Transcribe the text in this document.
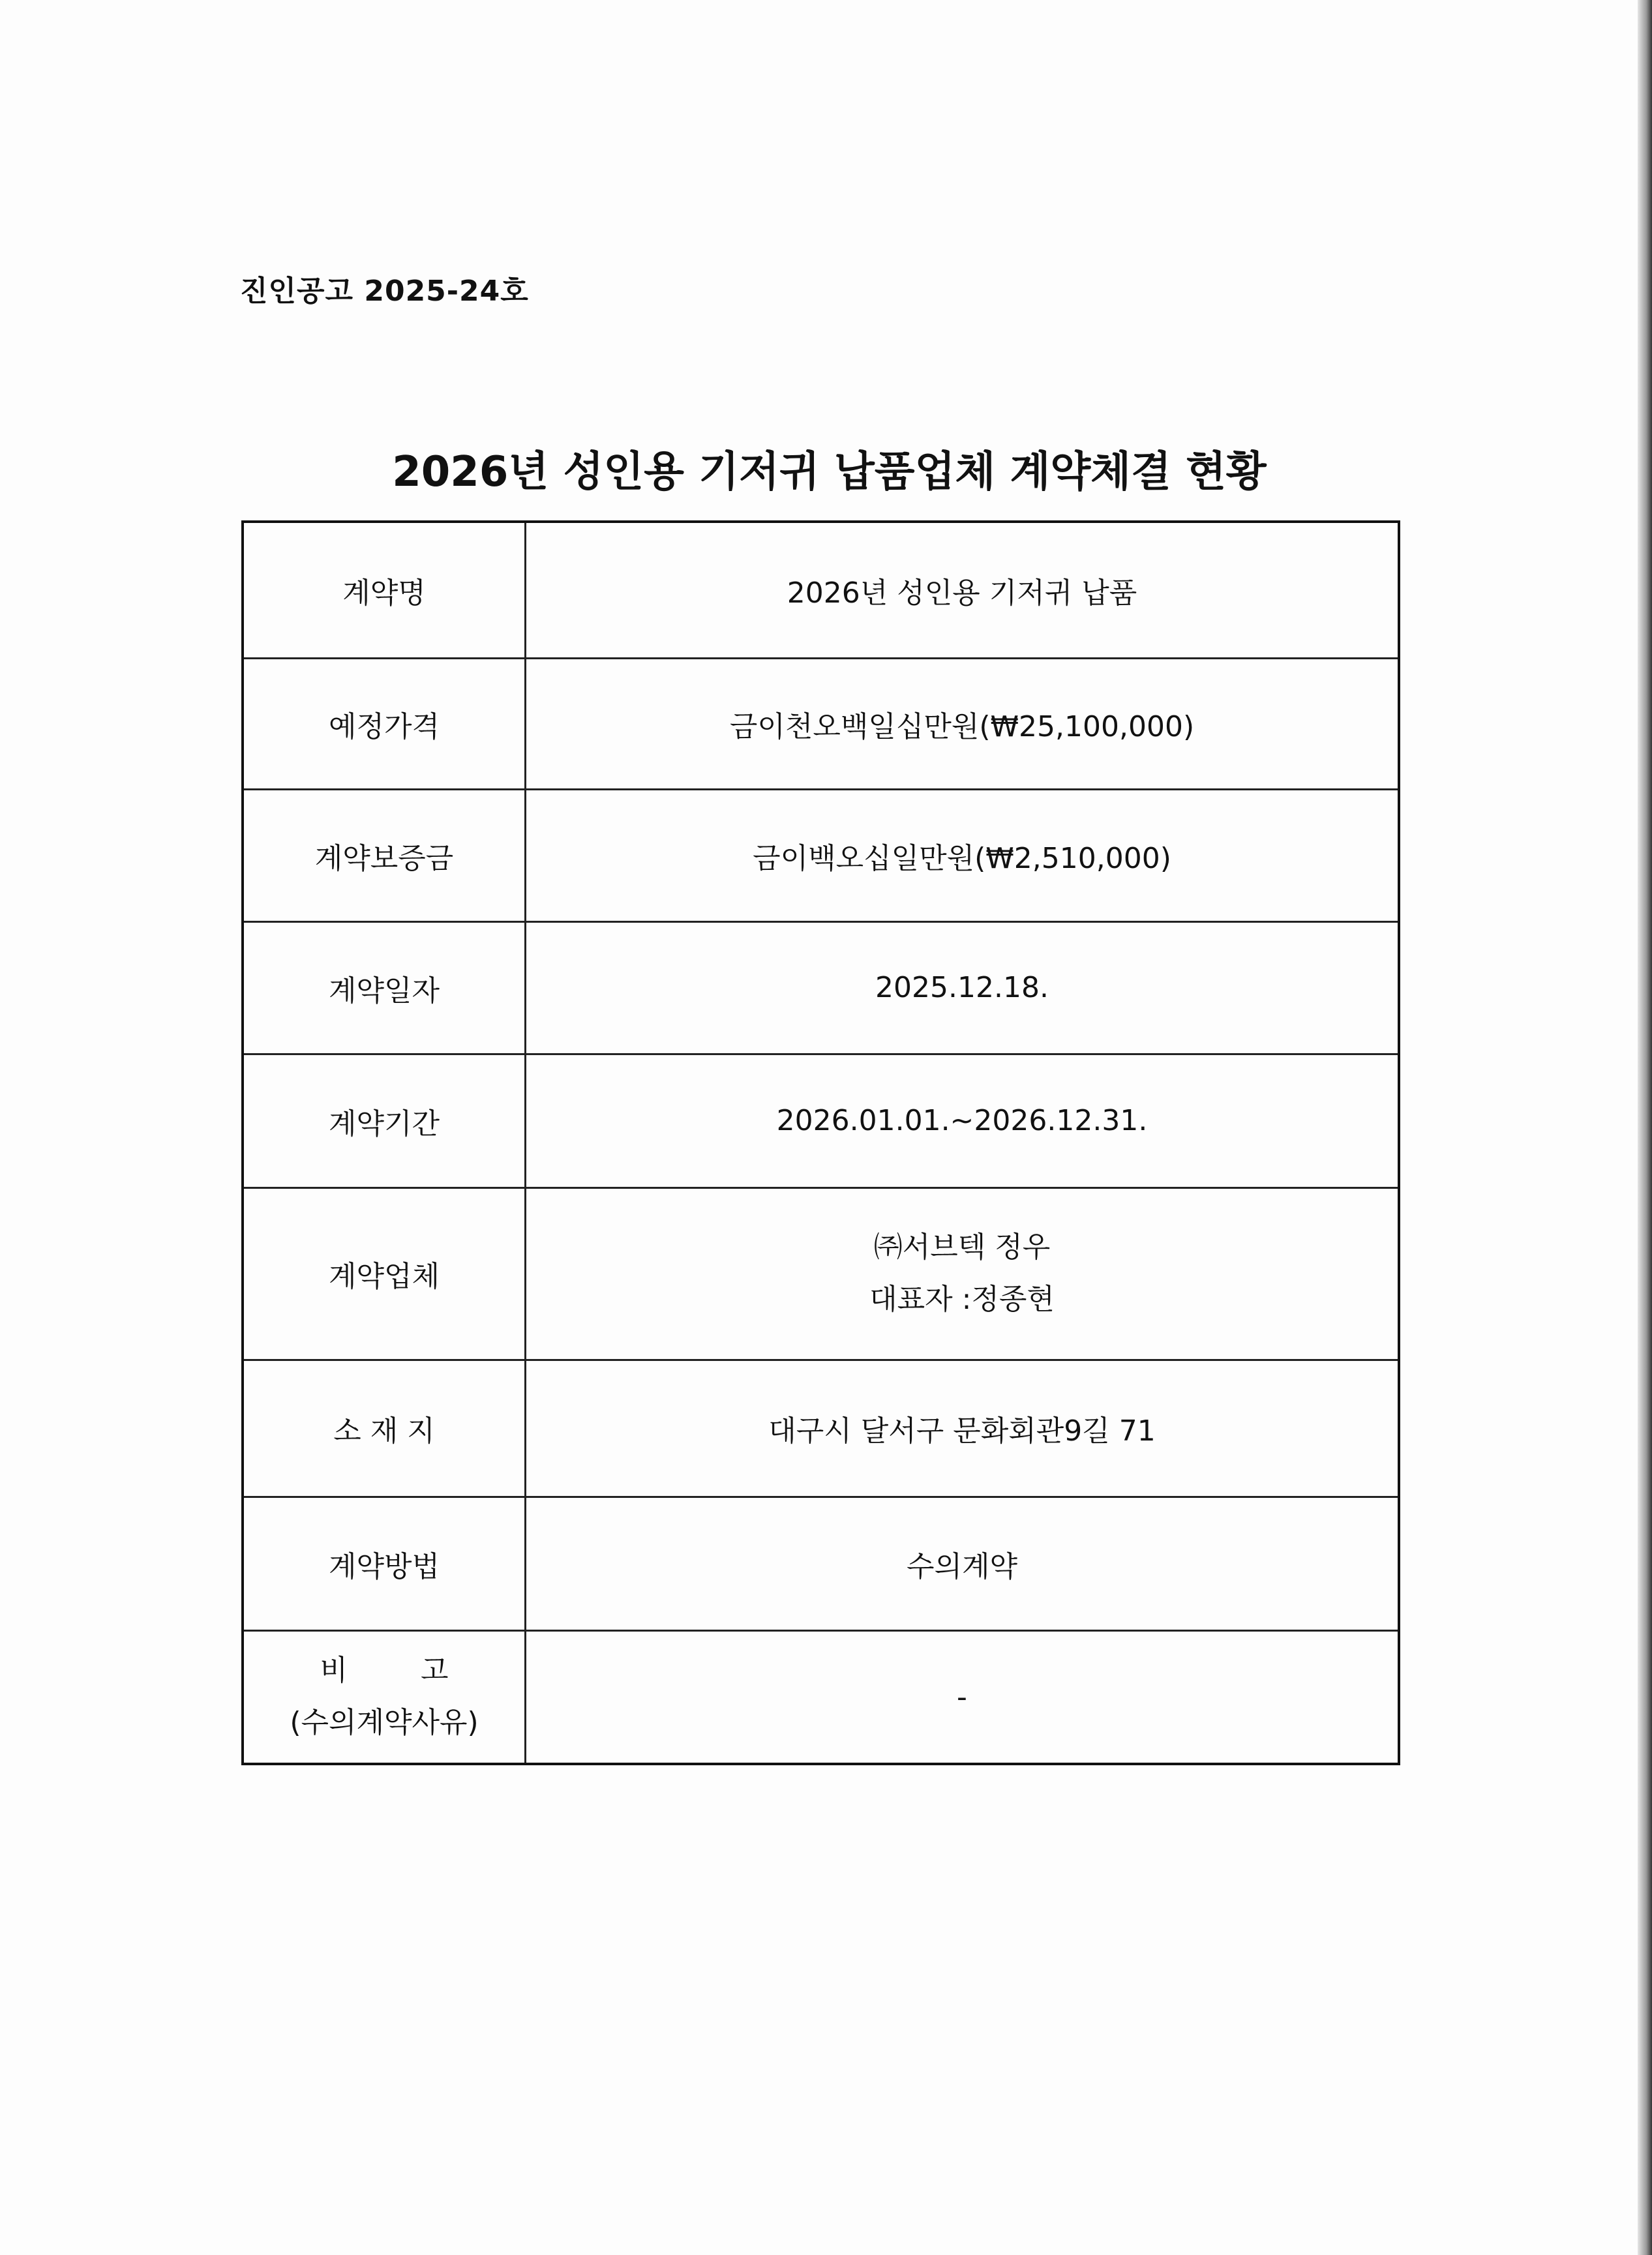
진인공고 2025-24호
2026년 성인용 기저귀 납품업체 계약체결 현황
계약명	2026년 성인용 기저귀 납품
예정가격	금이천오백일십만원(₩25,100,000)
계약보증금	금이백오십일만원(₩2,510,000)
계약일자	2025.12.18.
계약기간	2026.01.01.~2026.12.31.
계약업체	㈜서브텍 정우
대표자 :정종현

소 재 지	대구시 달서구 문화회관9길 71
계약방법	수의계약

비        고
(수의계약사유)	-
